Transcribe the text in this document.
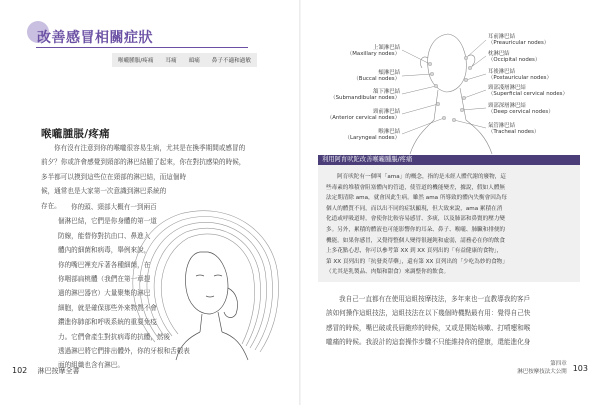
改善感冒相關症狀
喉嚨腫脹/疼痛 耳痛 頭痛 鼻子不適和過敏
喉嚨腫脹/疼痛
你有沒有注意到你的喉嚨很容易生病，尤其是在換季期間或感冒的
前夕？你或許會感覺到頸部的淋巴結腫了起來，你在對抗感染的時候，
多半都可以摸到這些位在頸部的淋巴結，而這個時
候，通常也是大家第一次意識到淋巴系統的
存在。	你的頭、頸部大概有一到兩百
個淋巴結，它們是你身體的第一道
防線，能替你對抗由口、鼻進入
體內的細菌和病毒，舉例來說，
你的嘴巴裡充斥著各種細菌，在
你咽部扁桃體（我們在第一章提
過的淋巴器官）大量聚集的淋巴
細胞，就是確保那些外來物質不會
鑽進你肺部和呼吸系統的重要免疫
力。它們會產生對抗病毒的抗體，然後
透過淋巴將它們排出體外，你的牙根和舌根表
面的組織也含有淋巴。
102 淋巴按摩全書
上頷淋巴結
（Maxillary nodes）
頰淋巴結
（Buccal nodes）
頷下淋巴結
（Submandibular nodes）
頸前淋巴結
（Anterior cervical nodes）
喉淋巴結
（Laryngeal nodes）
耳前淋巴結
（Preauricular nodes）
枕淋巴結
（Occipital nodes）
耳後淋巴結
（Postauricular nodes）
頸部淺層淋巴結
（Superficial cervical nodes）
頸部深層淋巴結
（Deep cervical nodes）
氣管淋巴結
（Tracheal nodes）
利用阿育吠陀改善喉嚨腫脹/疼痛
阿育吠陀有一個叫「ama」的概念，指的是未經人體代謝的廢物，這
些毒素的堆積會阻塞體內的管道，使管道的機能變差，據說，假如人體無
法定期清除 ama，就會因此生病。雖然 ama 所導致的體內失衡會因為每
個人的體質不同，而以出不同的症狀顯現，但大致來說，ama 累積在消
化道或呼吸道時，會使你比較容易感冒、多痰，以及肺部和鼻竇的壓力變
多。另外，累積的體液也可能影響你的耳朵、鼻子、喉嚨、肺臟和排便的
機能。如果你感冒，又覺得整個人變得很遲鈍和虛弱，請務必在你的飲食
上多花點心思，你可以參考第 XX 到 XX 頁列出的「有益健康的食物」，
第 XX 頁列出的「抗發炎草藥」，還有第 XX 頁列出的「少吃為妙的食物」
（尤其是乳製品、肉類和甜食）來調整你的飲食。
我自己一直都有在使用這組按摩技法，多年來也一直教導我的客戶
該如何操作這組技法，這組技法在以下幾個時機點最有用：覺得自己快
感冒的時候，嘴巴破或長唇皰疹的時候，又或是開始咳嗽、打噴嚏和喉
嚨痛的時候。我設計的這套操作步驟不只能維持你的健康，還能進化身
第四章
淋巴按摩技法大公開 103
